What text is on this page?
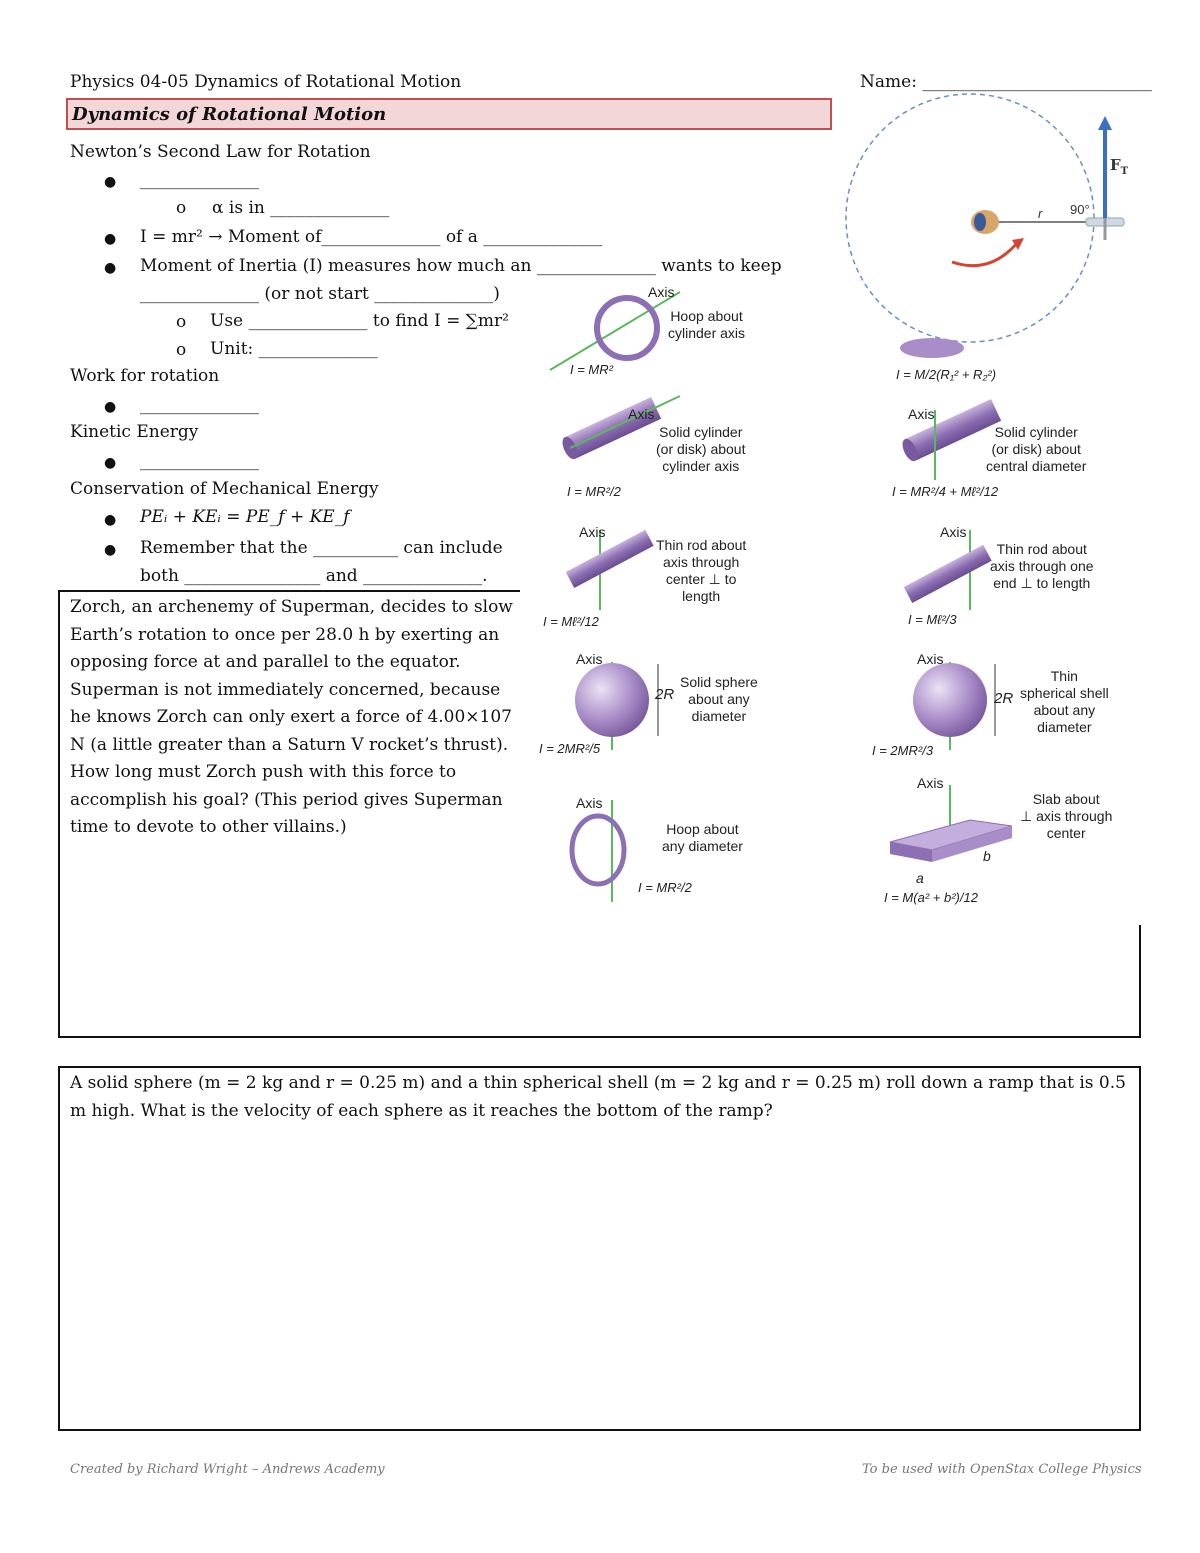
Physics 04-05 Dynamics of Rotational Motion	Name: ___________________________
Dynamics of Rotational Motion
Newton’s Second Law for Rotation
● ______________
o α is in ______________
● I = mr² → Moment of______________ of a ______________
● Moment of Inertia (I) measures how much an ______________ wants to keep
______________ (or not start ______________)
o Use ______________ to find I = ∑mr²
o Unit: ______________
Work for rotation
● ______________
Kinetic Energy
● ______________
Conservation of Mechanical Energy
● PEᵢ + KEᵢ = PE_f + KE_f
● Remember that the __________ can include
both ________________ and ______________.
Zorch, an archenemy of Superman, decides to slow Earth’s rotation to once per 28.0 h by exerting an opposing force at and parallel to the equator. Superman is not immediately concerned, because he knows Zorch can only exert a force of 4.00×107 N (a little greater than a Saturn V rocket’s thrust). How long must Zorch push with this force to accomplish his goal? (This period gives Superman time to devote to other villains.)
A solid sphere (m = 2 kg and r = 0.25 m) and a thin spherical shell (m = 2 kg and r = 0.25 m) roll down a ramp that is 0.5 m high. What is the velocity of each sphere as it reaches the bottom of the ramp?
$F_T$
r 90°
Axis
Hoop about
cylinder axis
I = MR²	I = M/2(R₁² + R₂²)
Axis
Solid cylinder
(or disk) about
cylinder axis
I = MR²/2
Axis
Solid cylinder
(or disk) about
central diameter
I = MR²/4 + Mℓ²/12
Axis
Thin rod about
axis through
center ⊥ to
length
I = Mℓ²/12
Axis
Thin rod about
axis through one
end ⊥ to length
I = Mℓ²/3
Axis
2R
Solid sphere
about any
diameter
I = 2MR²/5
Axis
2R
Thin
spherical shell
about any
diameter
I = 2MR²/3
Axis
Hoop about
any diameter
I = MR²/2
Axis
Slab about
⊥ axis through
center
b
a
I = M(a² + b²)/12
Created by Richard Wright – Andrews Academy	To be used with OpenStax College Physics
